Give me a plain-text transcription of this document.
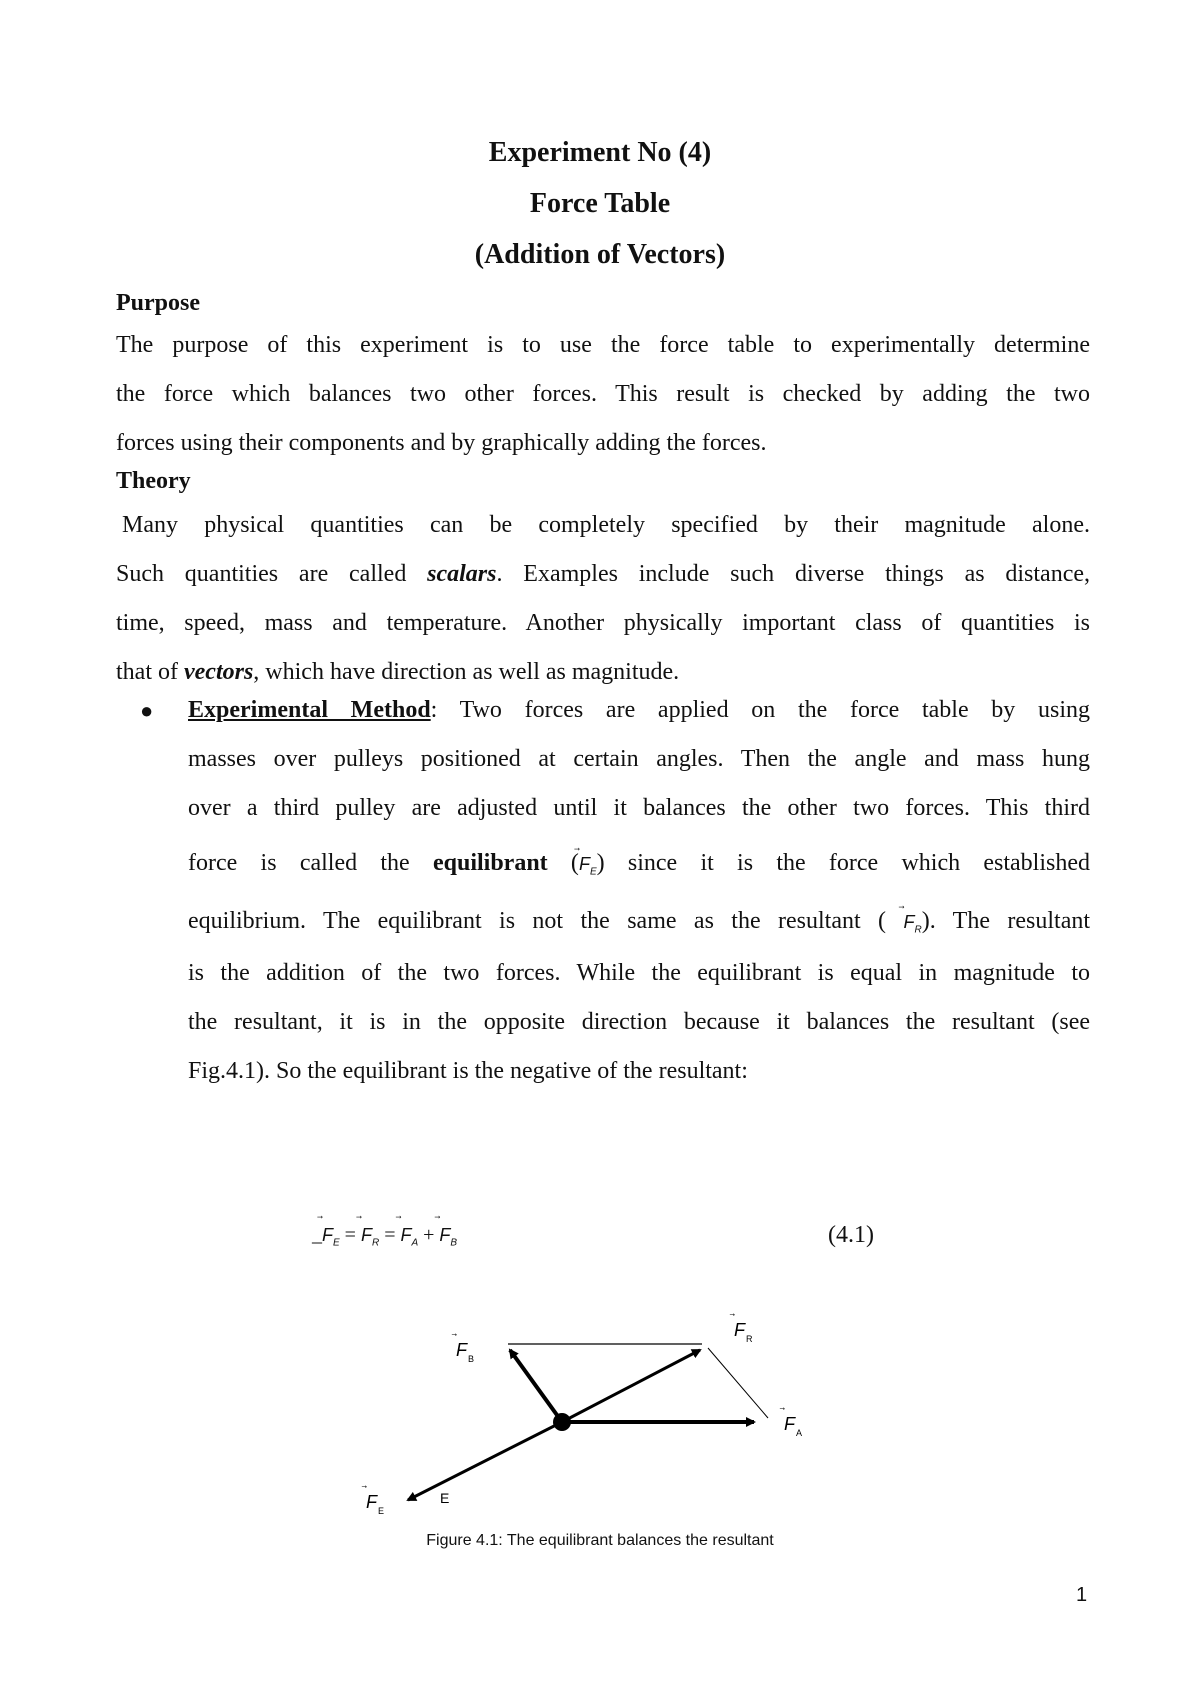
Experiment No (4)
Force Table
(Addition of Vectors)
Purpose
The purpose of this experiment is to use the force table to experimentally determine
the force which balances two other forces. This result is checked by adding the two
forces using their components and by graphically adding the forces.
Theory
Many physical quantities can be completely specified by their magnitude alone.
Such quantities are called scalars. Examples include such diverse things as distance,
time, speed, mass and temperature. Another physically important class of quantities is
that of vectors, which have direction as well as magnitude.
● Experimental Method: Two forces are applied on the force table by using
masses over pulleys positioned at certain angles. Then the angle and mass hung
over a third pulley are adjusted until it balances the other two forces. This third
force is called the equilibrant (
$F_E$) since it is the force which established
equilibrium. The equilibrant is not the same as the resultant ( $F_R$). The resultant
is the addition of the two forces. While the equilibrant is equal in magnitude to
the resultant, it is in the opposite direction because it balances the resultant (see
Fig.4.1). So the equilibrant is the negative of the resultant:
_
$F_E = F_R = F_A + F_B$	(4.1)
F B
F R
F A
F E
E
Figure 4.1: The equilibrant balances the resultant
1
